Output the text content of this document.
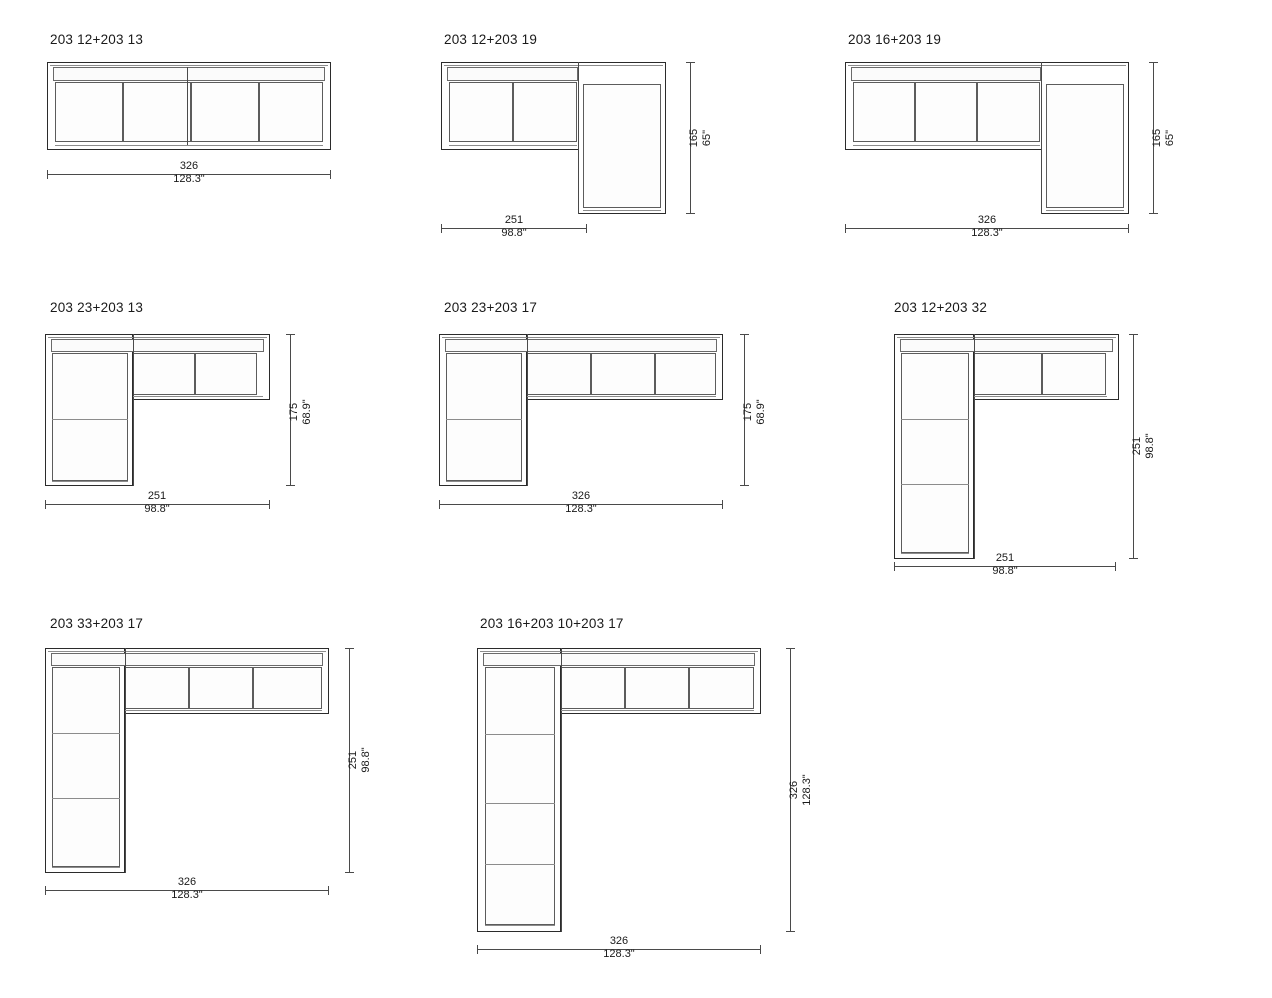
203 12+203 13
326
128.3"
203 12+203 19
251
98.8"
165 65"
203 16+203 19
326
128.3"
165 65"
203 23+203 13
251
98.8"
175 68.9"
203 23+203 17
326
128.3"
175 68.9"
203 12+203 32
251
98.8"
251 98.8"
203 33+203 17
326
128.3"
251 98.8"
203 16+203 10+203 17
326
128.3"
326 128.3"
